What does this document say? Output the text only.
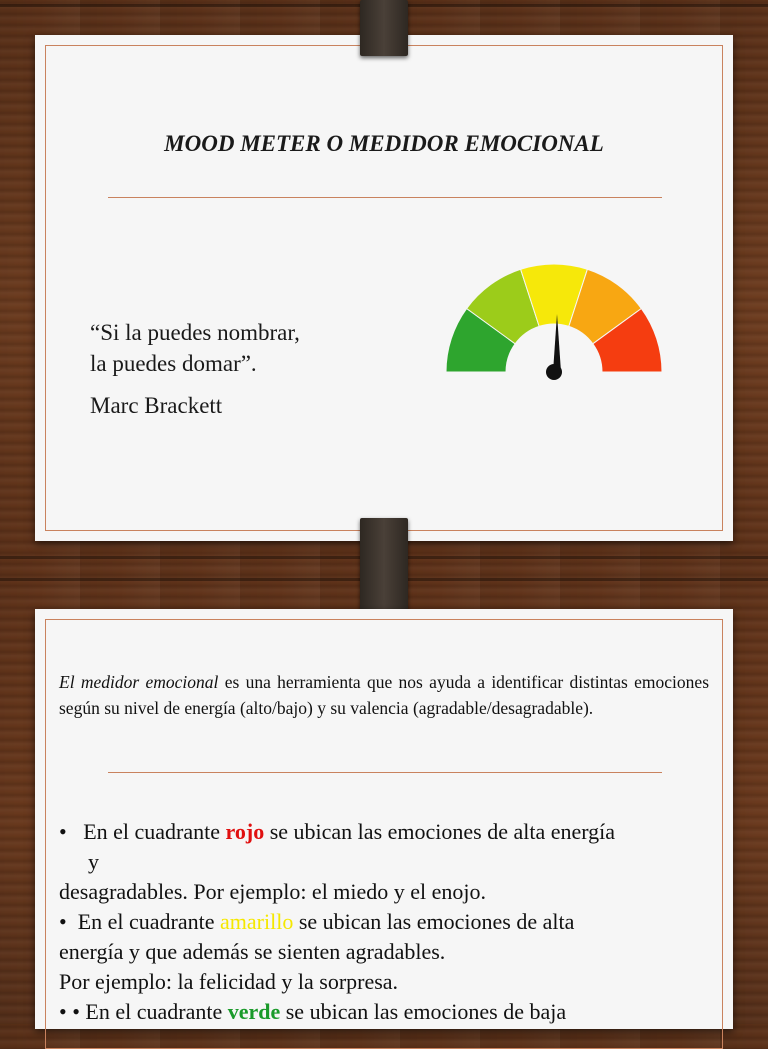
MOOD METER O MEDIDOR EMOCIONAL
“Si la puedes nombrar,
la puedes domar”.
Marc Brackett
El medidor emocional es una herramienta que nos ayuda a identificar distintas emociones según su nivel de energía (alto/bajo) y su valencia (agradable/desagradable).
• En el cuadrante rojo se ubican las emociones de alta energía
y
desagradables. Por ejemplo: el miedo y el enojo.
•  En el cuadrante amarillo se ubican las emociones de alta
energía y que además se sienten agradables.
Por ejemplo: la felicidad y la sorpresa.
• • En el cuadrante verde se ubican las emociones de baja
